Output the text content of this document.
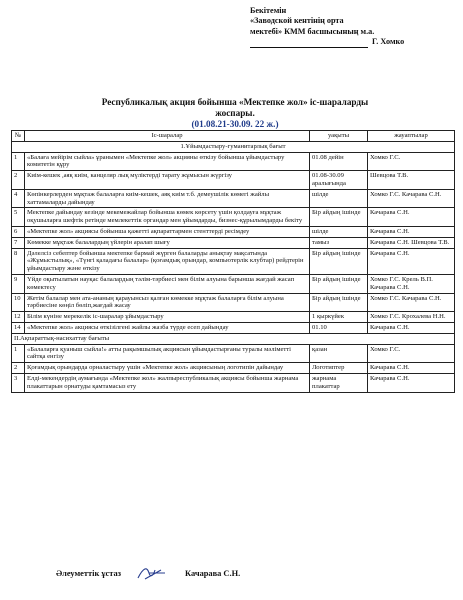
Бекітемін
«Заводской кентінің орта
мектебі» КММ басшысының м.а.
Г. Хомко
Республикалық акция бойынша «Мектепке жол» іс-шараларды
жоспары.
(01.08.21-30.09. 22 ж.)
№	Іс-шаралар	уақыты	жауаптылар
1.Ұйымдастыру-гуманитарлық бағыт			
1	«Балаға мейірім сыйла» ұранымен «Мектепке жол» акцияны өткізу бойынша ұйымдастыру комитетін құру	01.08 дейін	Хомко Г.С.
2	Киім-кешек ,аяқ киім, канцеляр лық мүліктерді тарату жұмысын жүргізу	01.08-30.09 аралығында	Шевцова Т.В.
4	Көпінкерлерден мұқтаж балаларға киім-кешек, аяқ киім т.б. демеушілік көмегі жайлы хаттамаларды дайындау	шілде	Хомко Г.С. Качарава С.Н.
5	Мектепке дайындау кезінде мекемежайлар бойынша көмек көрсету үшін қолдауға мұқтаж оқушыларға шефтік ретінде мемлекеттік органдар мен ұйымдарды, бизнес-құрылымдарды бекіту	Бір айдың ішінде	Качарава С.Н.
6	«Мектепке жол» акциясы бойынша қажетті ақпараттармен стенттерді ресімдеу	шілде	Качарава С.Н.
7	Көмекке мұқтаж балалардың үйлерін аралап шығу	тамыз	Качарава С.Н. Шевцова Т.В.
8	Дәлелсіз себептер бойынша мектепке бармай жүрген балаларды анықтау мақсатында «Жұмыстылық», «Түнгі қаладағы балалар» (қоғамдық орындар, компьютерлік клубтар) рейдтерін ұйымдастыру және өткізу	Бір айдың ішінде	Качарава С.Н.
9	Үйде оқытылатын науқас балалардың тәлім-тәрбиесі мен білім алуына барынша жағдай жасап көмектесу	Бір айдың ішінде	Хомко Г.С. Крель В.П. Качарава С.Н.
10	Жетім балалар мен ата-ананың қарауынсыз қалған көмекке мұқтаж балаларға білім алуына тәрбиесіне көңіл бөліп,жағдай жасау	Бір айдың ішінде	Хомко Г.С. Качарава С.Н.
12	Білім күніне мерекелік іс-шаралар ұйымдастыру	1 қыркүйек	Хомко Г.С. Крохалева Н.Н.
14	«Мектепке жол» акциясы өткізілгені жайлы жазба түрде есеп дайындау	01.10	Качарава С.Н.
II.Ақпараттық-насихаттау бағыты			
1	«Балаларға қуаныш сыйла!» атты рақымшылық акциясын ұйымдастырғаны туралы мәліметті сайтқа енгізу	қазан	Хомко Г.С.
2	Қоғамдық орындарда орналастыру үшін «Мектепке жол» акциясының логотипін дайындау	Логотиптер	Качарава С.Н.
3	Елді-мекендердің аумағында «Мектепке жол» жалпыреспубликалық акциясы бойынша жарнама плакаттарын орнатуды қамтамасыз ету	жарнама плакаттар	Качарава С.Н.
Әлеуметтік ұстаз	Качарава С.Н.
